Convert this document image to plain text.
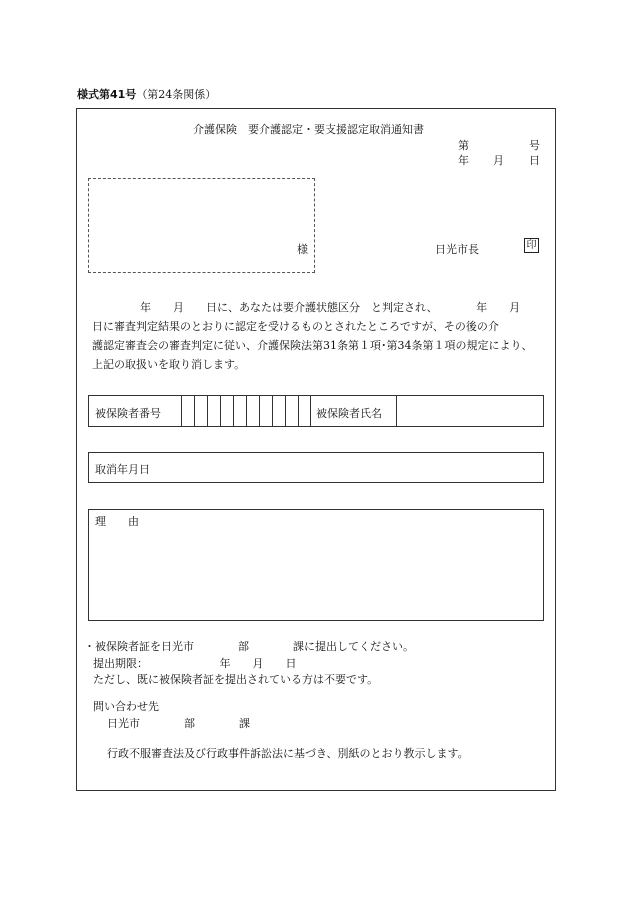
様式第41号（第24条関係）
介護保険　要介護認定・要支援認定取消通知書
第	号
年 月 日
様	日光市長	印
年　　月　　日に、あなたは要介護状態区分　と判定され、　　　　年　　月
日に審査判定結果のとおりに認定を受けるものとされたところですが、その後の介
護認定審査会の審査判定に従い、介護保険法第31条第１項･第34条第１項の規定により、
上記の取扱いを取り消します。
被保険者番号	被保険者氏名
取消年月日
理　　由
・被保険者証を日光市　　　　部　　　　課に提出してください。
提出期限：　　　　　　　年　　月　　日
ただし、既に被保険者証を提出されている方は不要です。
問い合わせ先
日光市　　　　部　　　　課
行政不服審査法及び行政事件訴訟法に基づき、別紙のとおり教示します。
